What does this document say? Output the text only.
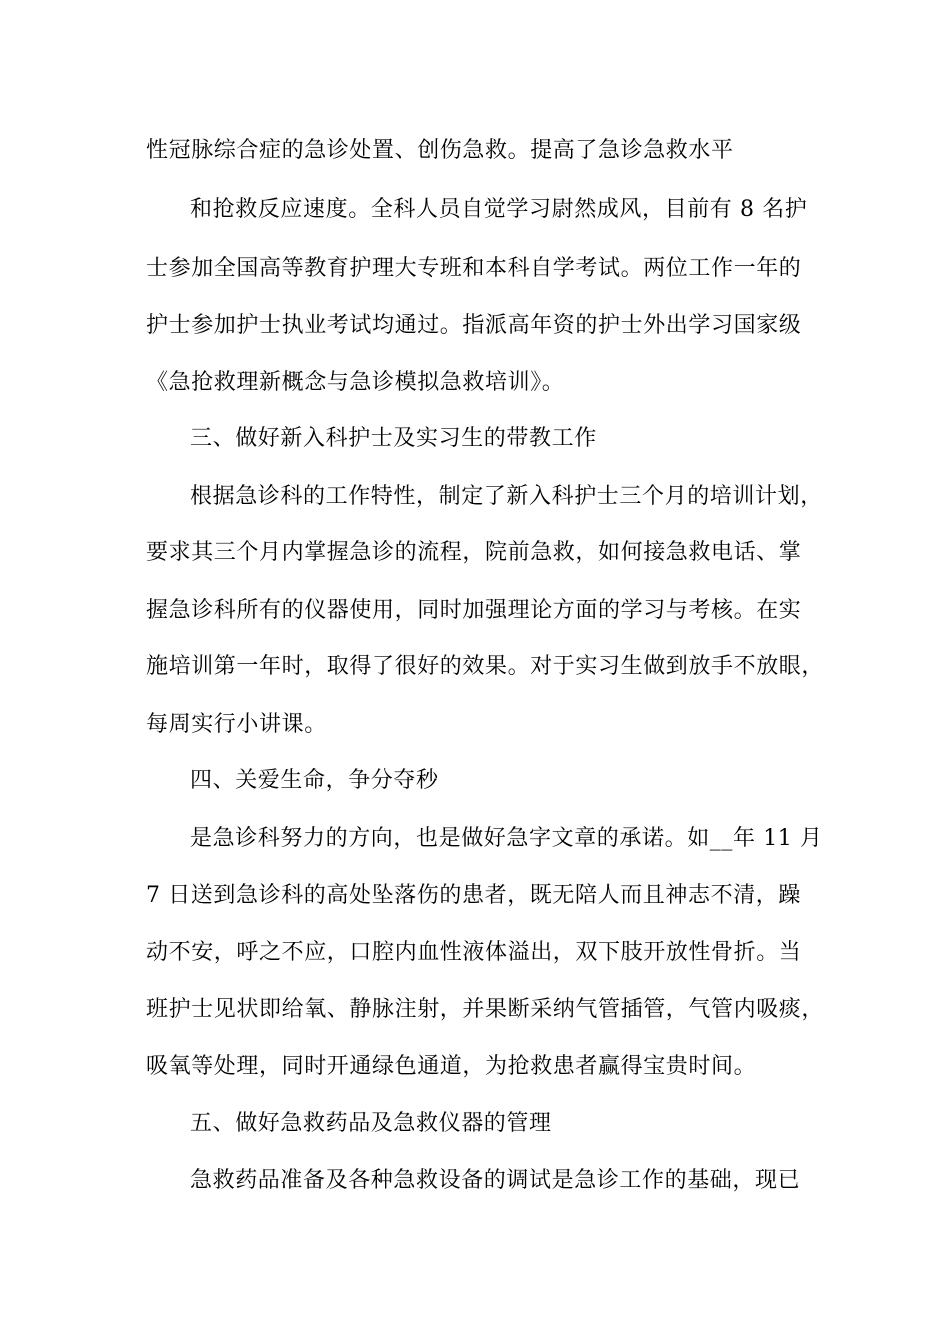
性冠脉综合症的急诊处置、创伤急救。提高了急诊急救水平
和抢救反应速度。全科人员自觉学习尉然成风，目前有 8 名护
士参加全国高等教育护理大专班和本科自学考试。两位工作一年的
护士参加护士执业考试均通过。指派高年资的护士外出学习国家级
《急抢救理新概念与急诊模拟急救培训》。
三、做好新入科护士及实习生的带教工作
根据急诊科的工作特性，制定了新入科护士三个月的培训计划，
要求其三个月内掌握急诊的流程，院前急救，如何接急救电话、掌
握急诊科所有的仪器使用，同时加强理论方面的学习与考核。在实
施培训第一年时，取得了很好的效果。对于实习生做到放手不放眼，
每周实行小讲课。
四、关爱生命，争分夺秒
是急诊科努力的方向，也是做好急字文章的承诺。如__年 11 月
7 日送到急诊科的高处坠落伤的患者，既无陪人而且神志不清，躁
动不安，呼之不应，口腔内血性液体溢出，双下肢开放性骨折。当
班护士见状即给氧、静脉注射，并果断采纳气管插管，气管内吸痰，
吸氧等处理，同时开通绿色通道，为抢救患者赢得宝贵时间。
五、做好急救药品及急救仪器的管理
急救药品准备及各种急救设备的调试是急诊工作的基础，现已
